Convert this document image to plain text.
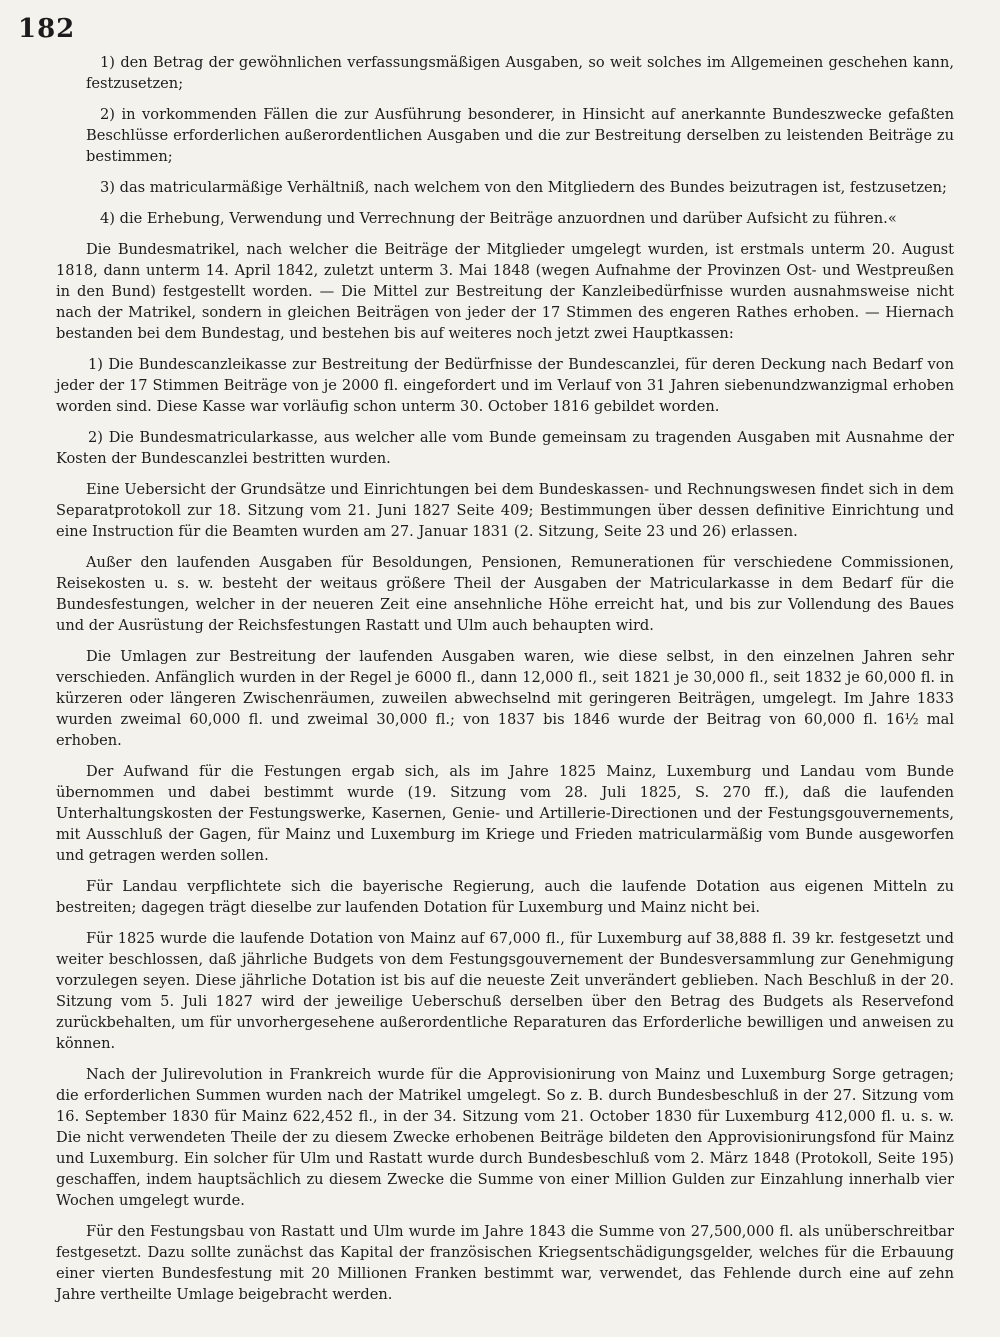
182

1) den Betrag der gewöhnlichen verfassungsmäßigen Ausgaben, so weit solches im Allgemeinen geschehen kann, festzusetzen;

2) in vorkommenden Fällen die zur Ausführung besonderer, in Hinsicht auf anerkannte Bundeszwecke gefaßten Beschlüsse erforderlichen außerordentlichen Ausgaben und die zur Bestreitung derselben zu leistenden Beiträge zu bestimmen;

3) das matricularmäßige Verhältniß, nach welchem von den Mitgliedern des Bundes beizutragen ist, festzusetzen;

4) die Erhebung, Verwendung und Verrechnung der Beiträge anzuordnen und darüber Aufsicht zu führen.«

Die Bundesmatrikel, nach welcher die Beiträge der Mitglieder umgelegt wurden, ist erstmals unterm 20. August 1818, dann unterm 14. April 1842, zuletzt unterm 3. Mai 1848 (wegen Aufnahme der Provinzen Ost- und Westpreußen in den Bund) festgestellt worden. — Die Mittel zur Bestreitung der Kanzleibedürfnisse wurden ausnahmsweise nicht nach der Matrikel, sondern in gleichen Beiträgen von jeder der 17 Stimmen des engeren Rathes erhoben. — Hiernach bestanden bei dem Bundestag, und bestehen bis auf weiteres noch jetzt zwei Hauptkassen:

1) Die Bundescanzleikasse zur Bestreitung der Bedürfnisse der Bundescanzlei, für deren Deckung nach Bedarf von jeder der 17 Stimmen Beiträge von je 2000 fl. eingefordert und im Verlauf von 31 Jahren siebenundzwanzigmal erhoben worden sind. Diese Kasse war vorläufig schon unterm 30. October 1816 gebildet worden.

2) Die Bundesmatricularkasse, aus welcher alle vom Bunde gemeinsam zu tragenden Ausgaben mit Ausnahme der Kosten der Bundescanzlei bestritten wurden.

Eine Uebersicht der Grundsätze und Einrichtungen bei dem Bundeskassen- und Rechnungswesen findet sich in dem Separatprotokoll zur 18. Sitzung vom 21. Juni 1827 Seite 409; Bestimmungen über dessen definitive Einrichtung und eine Instruction für die Beamten wurden am 27. Januar 1831 (2. Sitzung, Seite 23 und 26) erlassen.

Außer den laufenden Ausgaben für Besoldungen, Pensionen, Remunerationen für verschiedene Commissionen, Reisekosten u. s. w. besteht der weitaus größere Theil der Ausgaben der Matricularkasse in dem Bedarf für die Bundesfestungen, welcher in der neueren Zeit eine ansehnliche Höhe erreicht hat, und bis zur Vollendung des Baues und der Ausrüstung der Reichsfestungen Rastatt und Ulm auch behaupten wird.

Die Umlagen zur Bestreitung der laufenden Ausgaben waren, wie diese selbst, in den einzelnen Jahren sehr verschieden. Anfänglich wurden in der Regel je 6000 fl., dann 12,000 fl., seit 1821 je 30,000 fl., seit 1832 je 60,000 fl. in kürzeren oder längeren Zwischenräumen, zuweilen abwechselnd mit geringeren Beiträgen, umgelegt. Im Jahre 1833 wurden zweimal 60,000 fl. und zweimal 30,000 fl.; von 1837 bis 1846 wurde der Beitrag von 60,000 fl. 16½ mal erhoben.

Der Aufwand für die Festungen ergab sich, als im Jahre 1825 Mainz, Luxemburg und Landau vom Bunde übernommen und dabei bestimmt wurde (19. Sitzung vom 28. Juli 1825, S. 270 ff.), daß die laufenden Unterhaltungskosten der Festungswerke, Kasernen, Genie- und Artillerie-Directionen und der Festungsgouvernements, mit Ausschluß der Gagen, für Mainz und Luxemburg im Kriege und Frieden matricularmäßig vom Bunde ausgeworfen und getragen werden sollen.

Für Landau verpflichtete sich die bayerische Regierung, auch die laufende Dotation aus eigenen Mitteln zu bestreiten; dagegen trägt dieselbe zur laufenden Dotation für Luxemburg und Mainz nicht bei.

Für 1825 wurde die laufende Dotation von Mainz auf 67,000 fl., für Luxemburg auf 38,888 fl. 39 kr. festgesetzt und weiter beschlossen, daß jährliche Budgets von dem Festungsgouvernement der Bundesversammlung zur Genehmigung vorzulegen seyen. Diese jährliche Dotation ist bis auf die neueste Zeit unverändert geblieben. Nach Beschluß in der 20. Sitzung vom 5. Juli 1827 wird der jeweilige Ueberschuß derselben über den Betrag des Budgets als Reservefond zurückbehalten, um für unvorhergesehene außerordentliche Reparaturen das Erforderliche bewilligen und anweisen zu können.

Nach der Julirevolution in Frankreich wurde für die Approvisionirung von Mainz und Luxemburg Sorge getragen; die erforderlichen Summen wurden nach der Matrikel umgelegt. So z. B. durch Bundesbeschluß in der 27. Sitzung vom 16. September 1830 für Mainz 622,452 fl., in der 34. Sitzung vom 21. October 1830 für Luxemburg 412,000 fl. u. s. w. Die nicht verwendeten Theile der zu diesem Zwecke erhobenen Beiträge bildeten den Approvisionirungsfond für Mainz und Luxemburg. Ein solcher für Ulm und Rastatt wurde durch Bundesbeschluß vom 2. März 1848 (Protokoll, Seite 195) geschaffen, indem hauptsächlich zu diesem Zwecke die Summe von einer Million Gulden zur Einzahlung innerhalb vier Wochen umgelegt wurde.

Für den Festungsbau von Rastatt und Ulm wurde im Jahre 1843 die Summe von 27,500,000 fl. als unüberschreitbar festgesetzt. Dazu sollte zunächst das Kapital der französischen Kriegsentschädigungsgelder, welches für die Erbauung einer vierten Bundesfestung mit 20 Millionen Franken bestimmt war, verwendet, das Fehlende durch eine auf zehn Jahre vertheilte Umlage beigebracht werden.
